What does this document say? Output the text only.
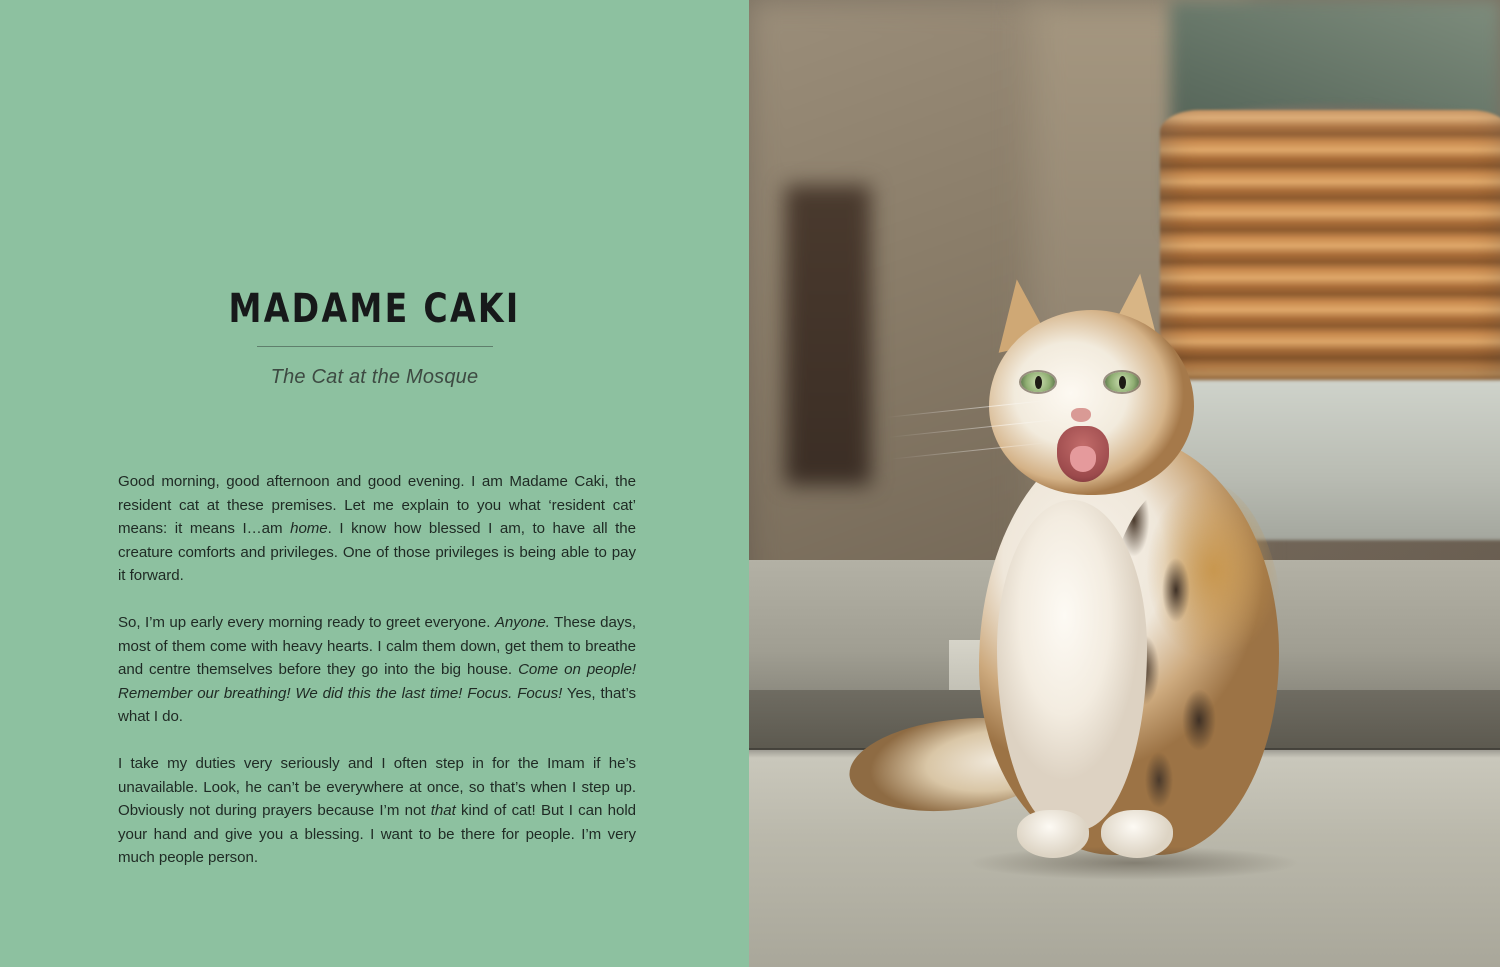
MADAME CAKI
The Cat at the Mosque

Good morning, good afternoon and good evening. I am Madame Caki, the resident cat at these premises. Let me explain to you what ‘resident cat’ means: it means I…am home. I know how blessed I am, to have all the creature comforts and privileges. One of those privileges is being able to pay it forward.

So, I’m up early every morning ready to greet everyone. Anyone. These days, most of them come with heavy hearts. I calm them down, get them to breathe and centre themselves before they go into the big house. Come on people! Remember our breathing! We did this the last time! Focus. Focus! Yes, that’s what I do.

I take my duties very seriously and I often step in for the Imam if he’s unavailable. Look, he can’t be everywhere at once, so that’s when I step up. Obviously not during prayers because I’m not that kind of cat! But I can hold your hand and give you a blessing. I want to be there for people. I’m very much people person.
